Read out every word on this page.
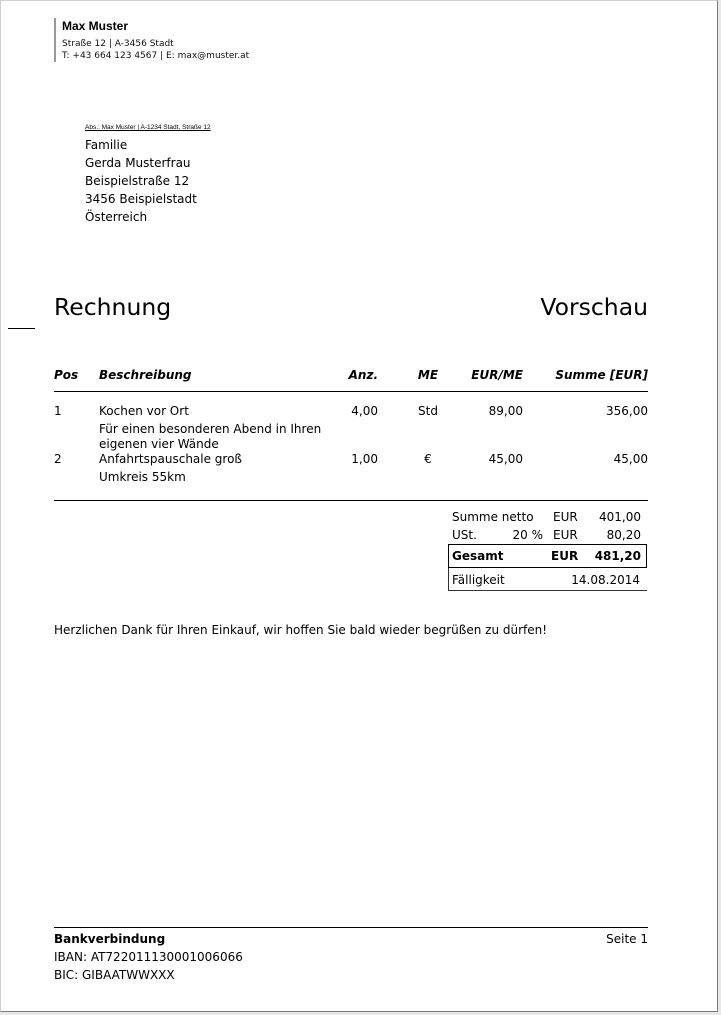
Max Muster
Straße 12 | A-3456 Stadt
T: +43 664 123 4567 | E: max@muster.at
Abs.: Max Muster | A-1234 Stadt, Straße 12
Familie
Gerda Musterfrau
Beispielstraße 12
3456 Beispielstadt
Österreich
Rechnung	Vorschau
Pos Beschreibung	Anz.	ME	EUR/ME	Summe [EUR]
1	Kochen vor Ort	4,00	Std	89,00	356,00
Für einen besonderen Abend in Ihren eigenen vier Wände
2	Anfahrtspauschale groß	1,00	€	45,00	45,00
Umkreis 55km
Summe netto EUR 401,00
USt.	20 % EUR 80,20
Gesamt	EUR 481,20
Fälligkeit	14.08.2014
Herzlichen Dank für Ihren Einkauf, wir hoffen Sie bald wieder begrüßen zu dürfen!
Bankverbindung	Seite 1
IBAN: AT722011130001006066
BIC: GIBAATWWXXX
